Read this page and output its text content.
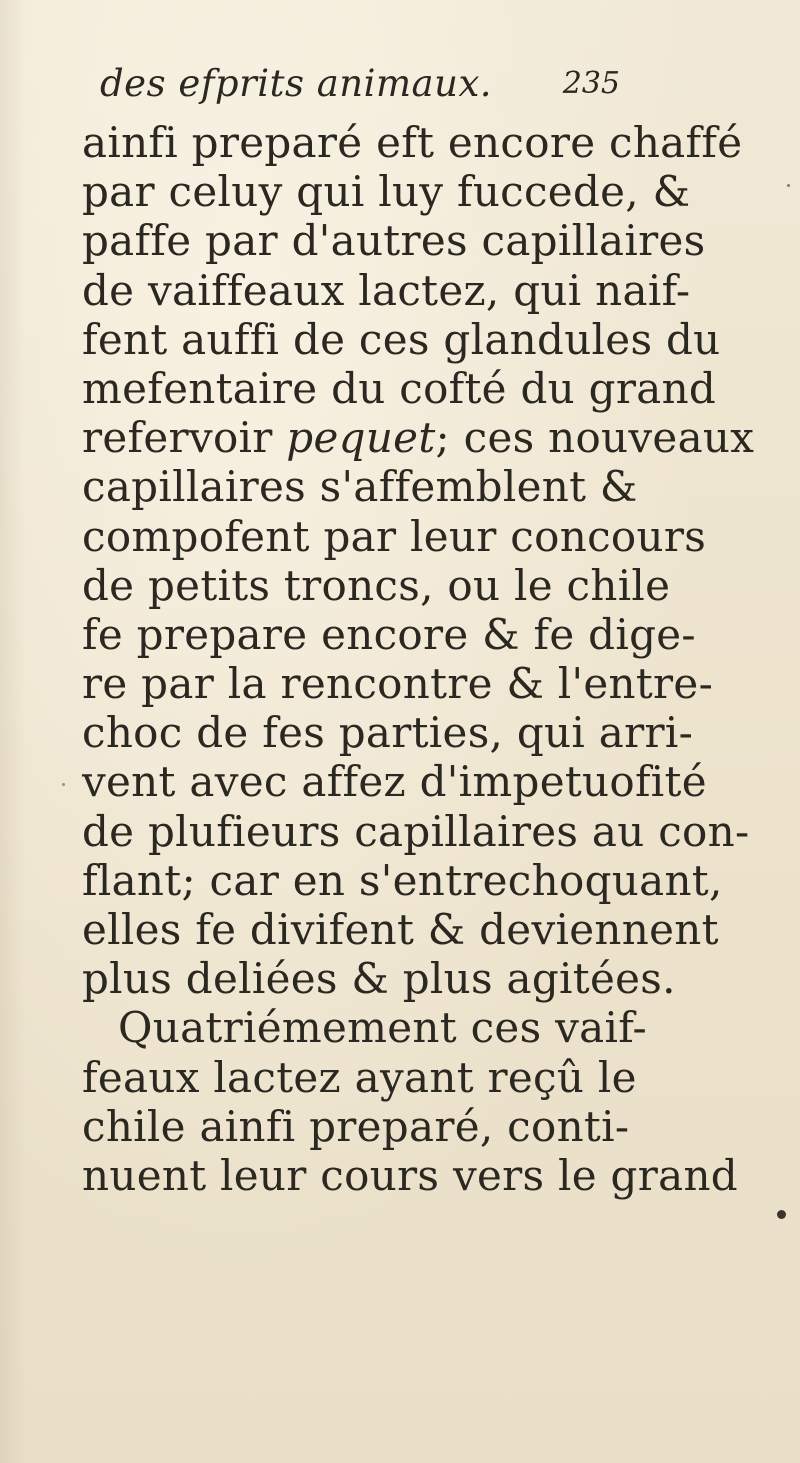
des efprits animaux. 235
ainfi preparé eft encore chaffé
par celuy qui luy fuccede, &
paffe par d'autres capillaires
de vaiffeaux lactez, qui naif-
fent auffi de ces glandules du
mefentaire du cofté du grand
refervoir pequet; ces nouveaux
capillaires s'affemblent &
compofent par leur concours
de petits troncs, ou le chile
fe prepare encore & fe dige-
re par la rencontre & l'entre-
choc de fes parties, qui arri-
vent avec affez d'impetuofité
de plufieurs capillaires au con-
flant; car en s'entrechoquant,
elles fe divifent & deviennent
plus deliées & plus agitées.
Quatriémement ces vaif-
feaux lactez ayant reçû le
chile ainfi preparé, conti-
nuent leur cours vers le grand
